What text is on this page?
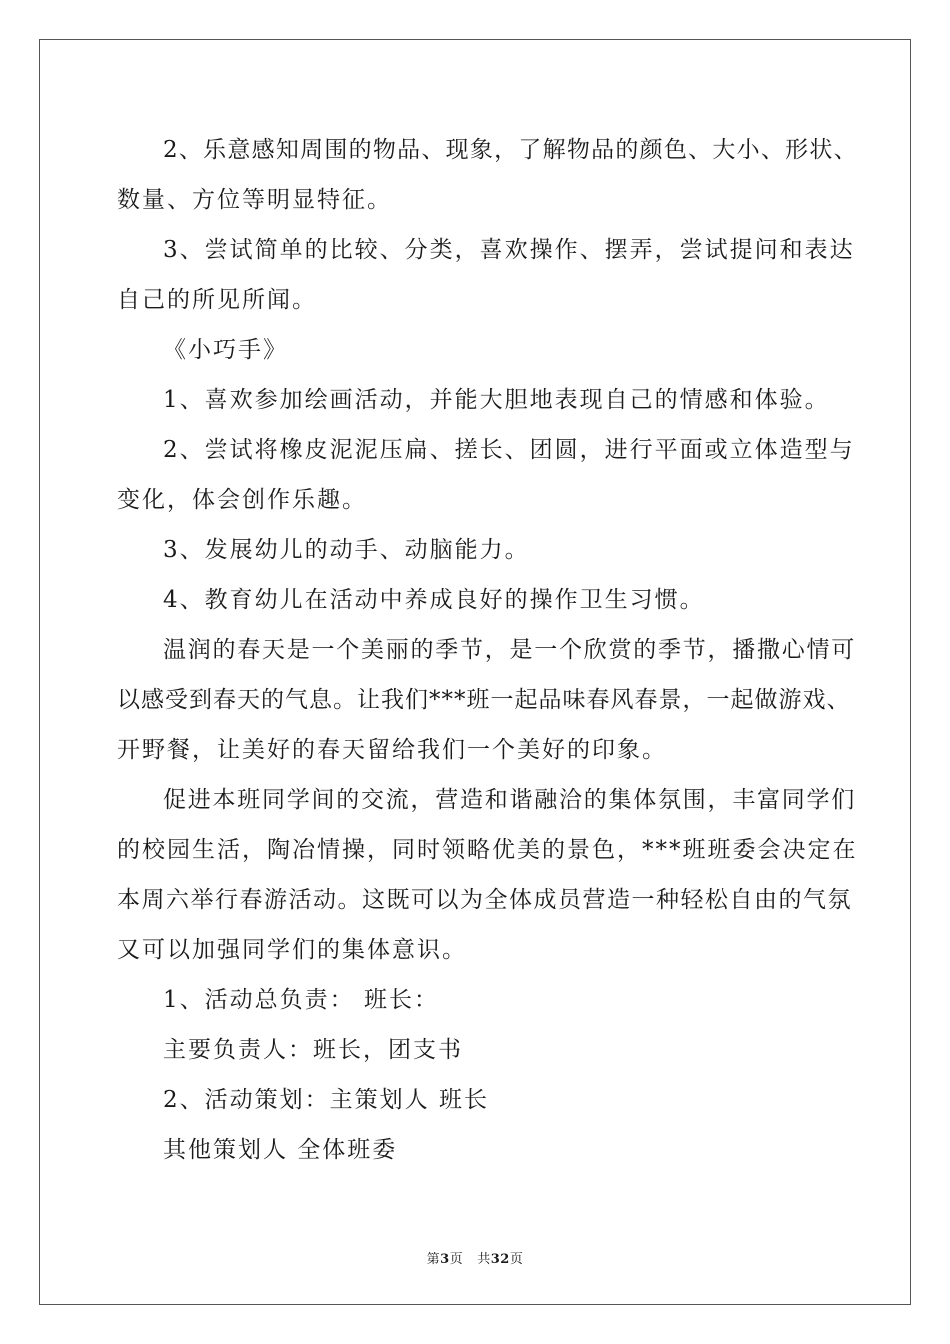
2、乐意感知周围的物品、现象，了解物品的颜色、大小、形状、
数量、方位等明显特征。
3、尝试简单的比较、分类，喜欢操作、摆弄，尝试提问和表达
自己的所见所闻。
《小巧手》
1、喜欢参加绘画活动，并能大胆地表现自己的情感和体验。
2、尝试将橡皮泥泥压扁、搓长、团圆，进行平面或立体造型与
变化，体会创作乐趣。
3、发展幼儿的动手、动脑能力。
4、教育幼儿在活动中养成良好的操作卫生习惯。
温润的春天是一个美丽的季节，是一个欣赏的季节，播撒心情可
以感受到春天的气息。让我们***班一起品味春风春景，一起做游戏、
开野餐，让美好的春天留给我们一个美好的印象。
促进本班同学间的交流，营造和谐融洽的集体氛围，丰富同学们
的校园生活，陶冶情操，同时领略优美的景色，***班班委会决定在
本周六举行春游活动。这既可以为全体成员营造一种轻松自由的气氛
又可以加强同学们的集体意识。
1、活动总负责： 班长：
主要负责人：班长，团支书
2、活动策划：主策划人 班长
其他策划人 全体班委
第3页 共32页
